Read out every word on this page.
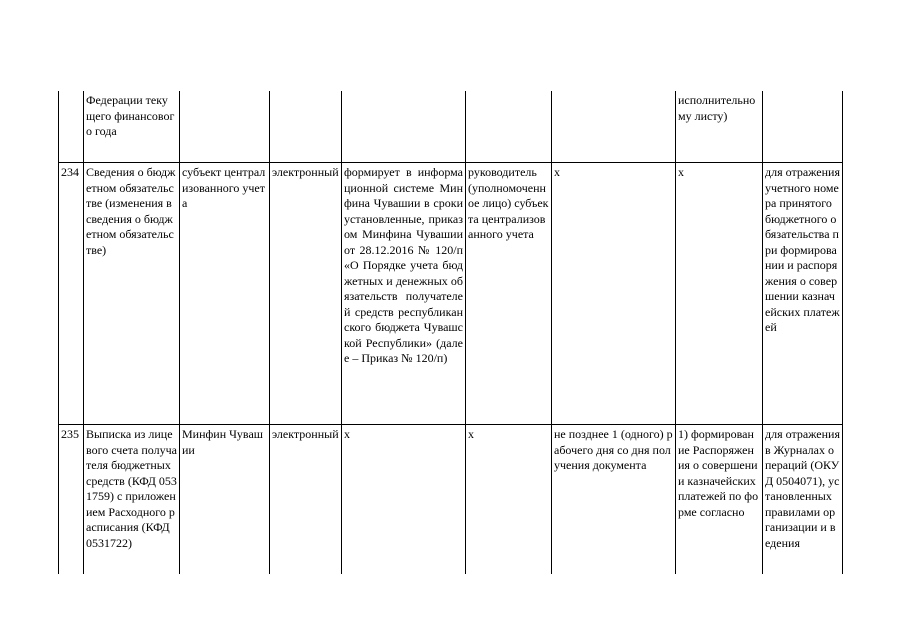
	Федерации текущего финансового года						исполнительному листу)	
234	Сведения о бюджетном обязательстве (изменения в сведения о бюджетном обязательстве)	субъект централизованного учета	электронный	формирует в информационной системе Минфина Чувашии в сроки установленные, приказом Минфина Чувашии от 28.12.2016 № 120/п «О Порядке учета бюджетных и денежных обязательств получателей средств республиканского бюджета Чувашской Республики» (далее – Приказ № 120/п)	руководитель (уполномоченное лицо) субъекта централизованного учета	х	х	для отражения учетного номера принятого бюджетного обязательства при формировании и распоряжения о совершении казначейских платежей
235	Выписка из лицевого счета получателя бюджетных средств (КФД 0531759) с приложением Расходного расписания (КФД 0531722)	Минфин Чувашии	электронный	х	х	не позднее 1 (одного) рабочего дня со дня получения документа	1) формирование Распоряжения о совершении казначейских платежей по форме согласно	для отражения в Журналах операций (ОКУД 0504071), установленных правилами организации и ведения
